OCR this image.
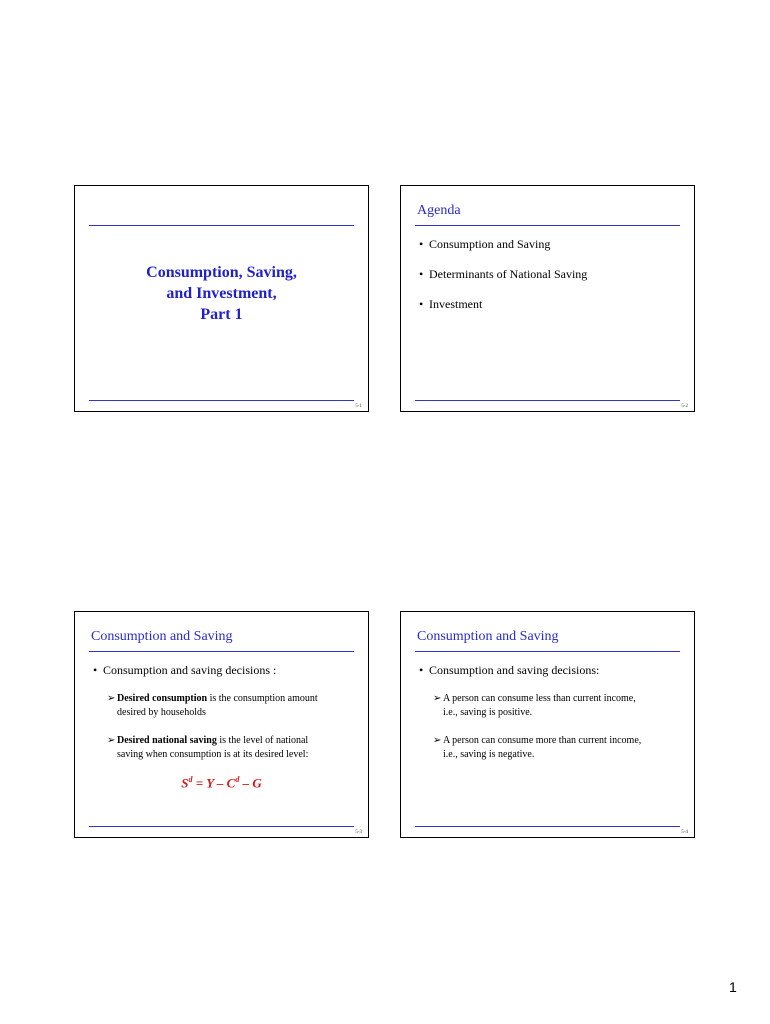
Consumption, Saving,
and Investment,
Part 1
5-1
Agenda
• Consumption and Saving
• Determinants of National Saving
• Investment
5-2
Consumption and Saving
• Consumption and saving decisions :
➢ Desired consumption is the consumption amount
desired by households
➢ Desired national saving is the level of national
saving when consumption is at its desired level:
$S^d = Y - C^d - G$
5-3
Consumption and Saving
• Consumption and saving decisions:
➢ A person can consume less than current income,
i.e., saving is positive.
➢ A person can consume more than current income,
i.e., saving is negative.
5-4
1
